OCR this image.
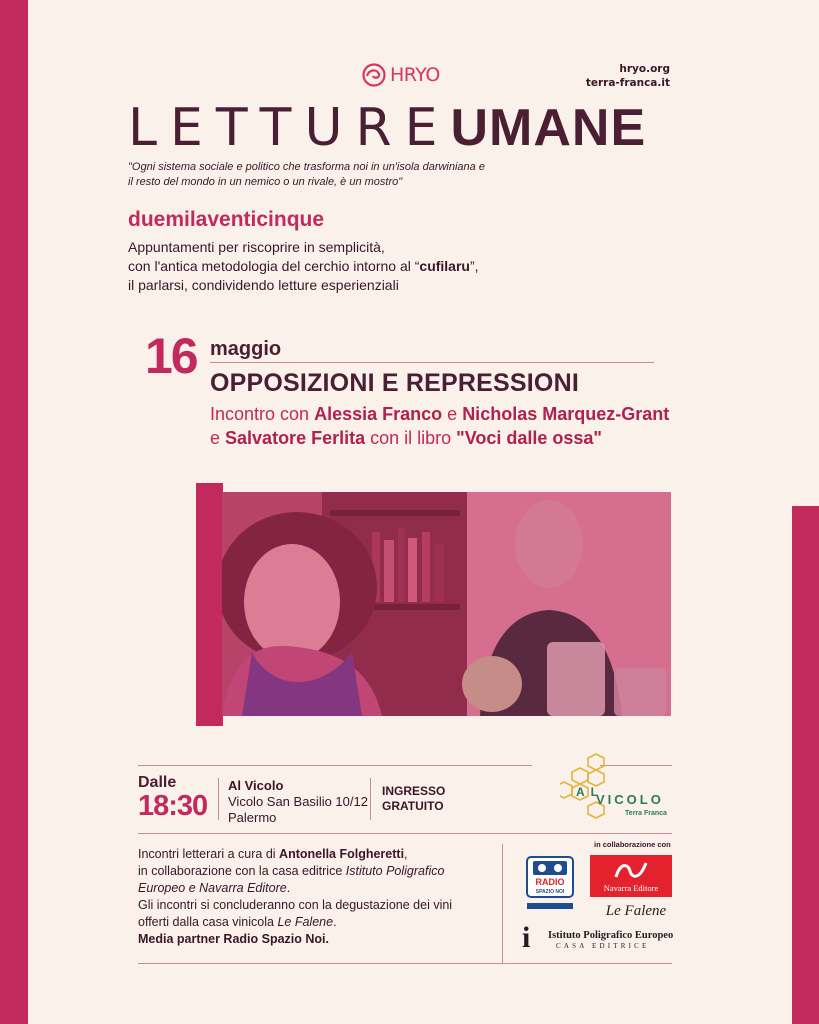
HRYO	hryo.org
terra-franca.it
LETTUREUMANE
"Ogni sistema sociale e politico che trasforma noi in un'isola darwiniana e
il resto del mondo in un nemico o un rivale, è un mostro"
duemilaventicinque
Appuntamenti per riscoprire in semplicità,
con l'antica metodologia del cerchio intorno al “cufilaru”,
il parlarsi, condividendo letture esperienziali
16 maggio
OPPOSIZIONI E REPRESSIONI
Incontro con Alessia Franco e Nicholas Marquez-Grant
e Salvatore Ferlita con il libro "Voci dalle ossa"
Dalle
18:30
Al Vicolo
Vicolo San Basilio 10/12
Palermo
INGRESSO
GRATUITO
AL
VICOLO
Terra Franca
Incontri letterari a cura di Antonella Folgheretti,
in collaborazione con la casa editrice Istituto Poligrafico
Europeo e Navarra Editore.
Gli incontri si concluderanno con la degustazione dei vini
offerti dalla casa vinicola Le Falene.
Media partner Radio Spazio Noi.
in collaborazione con
RADIO
SPAZIO NOI	Navarra Editore
Le Falene
i Istituto Poligrafico Europeo
CASA EDITRICE
